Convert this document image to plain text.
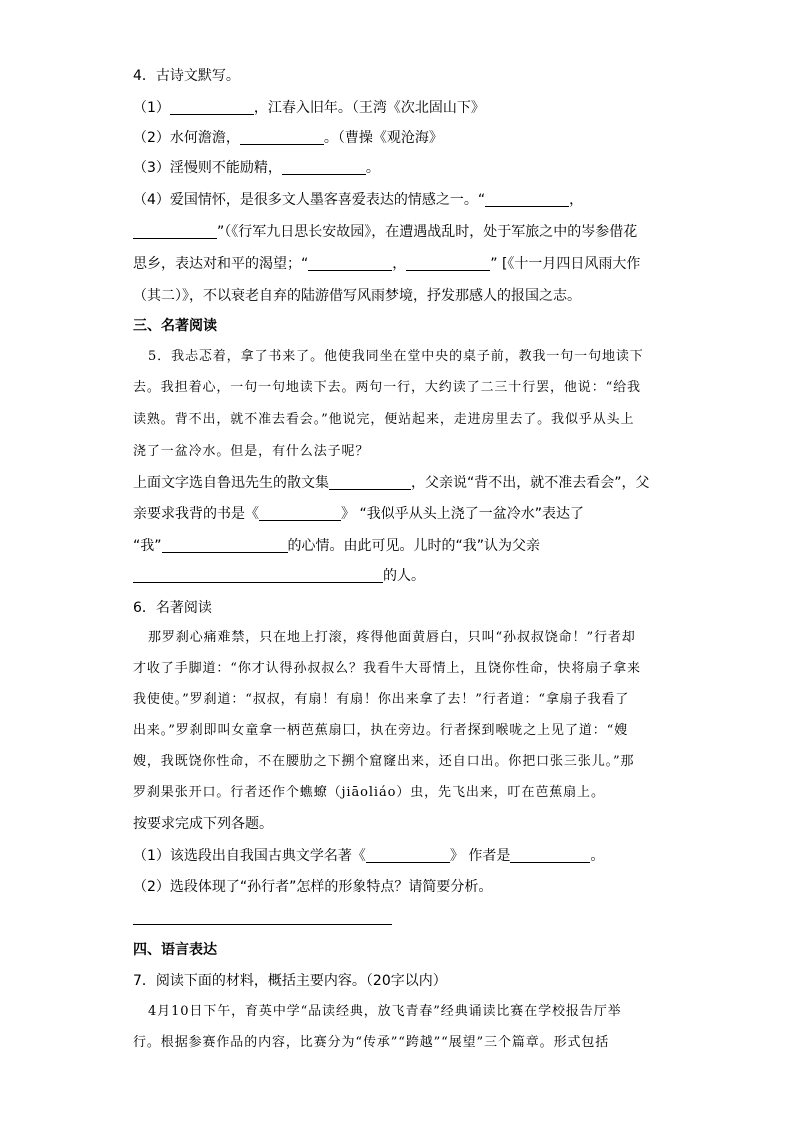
4．古诗文默写。
（1）	，江春入旧年。（王湾《次北固山下》
（2）水何澹澹，	。（曹操《观沧海》
（3）淫慢则不能励精，	。
（4）爱国情怀，是很多文人墨客喜爱表达的情感之一。“	，
”（《行军九日思长安故园》，在遭遇战乱时，处于军旅之中的岑参借花
思乡，表达对和平的渴望；“	，	” [《十一月四日风雨大作
（其二）》，不以衰老自弃的陆游借写风雨梦境，抒发那感人的报国之志。
三、名著阅读
5．我忐忑着，拿了书来了。他使我同坐在堂中央的桌子前，教我一句一句地读下
去。我担着心，一句一句地读下去。两句一行，大约读了二三十行罢，他说：“给我
读熟。背不出，就不准去看会。”他说完，便站起来，走进房里去了。我似乎从头上
浇了一盆冷水。但是，有什么法子呢？
上面文字选自鲁迅先生的散文集	，父亲说“背不出，就不准去看会”，父
亲要求我背的书是《	》 “我似乎从头上浇了一盆冷水”表达了
“我”	的心情。由此可见。儿时的“我”认为父亲
的人。
6．名著阅读
那罗刹心痛难禁，只在地上打滚，疼得他面黄唇白，只叫“孙叔叔饶命！”行者却
才收了手脚道：“你才认得孙叔叔么？我看牛大哥情上，且饶你性命，快将扇子拿来
我使使。”罗刹道：“叔叔，有扇！有扇！你出来拿了去！”行者道：“拿扇子我看了
出来。”罗刹即叫女童拿一柄芭蕉扇囗，执在旁边。行者探到喉咙之上见了道：“嫂
嫂，我既饶你性命，不在腰肋之下搠个窟窿出来，还自口出。你把口张三张儿。”那
罗刹果张开口。行者还作个蟭蟟（jiāoliáo）虫，先飞出来，叮在芭蕉扇上。
按要求完成下列各题。
（1）该选段出自我国古典文学名著《	》 作者是	。
（2）选段体现了“孙行者”怎样的形象特点？请简要分析。
四、语言表达
7．阅读下面的材料，概括主要内容。（20字以内）
4月10日下午，育英中学“品读经典，放飞青春”经典诵读比赛在学校报告厅举
行。根据参赛作品的内容，比赛分为“传承”“跨越”“展望”三个篇章。形式包括
